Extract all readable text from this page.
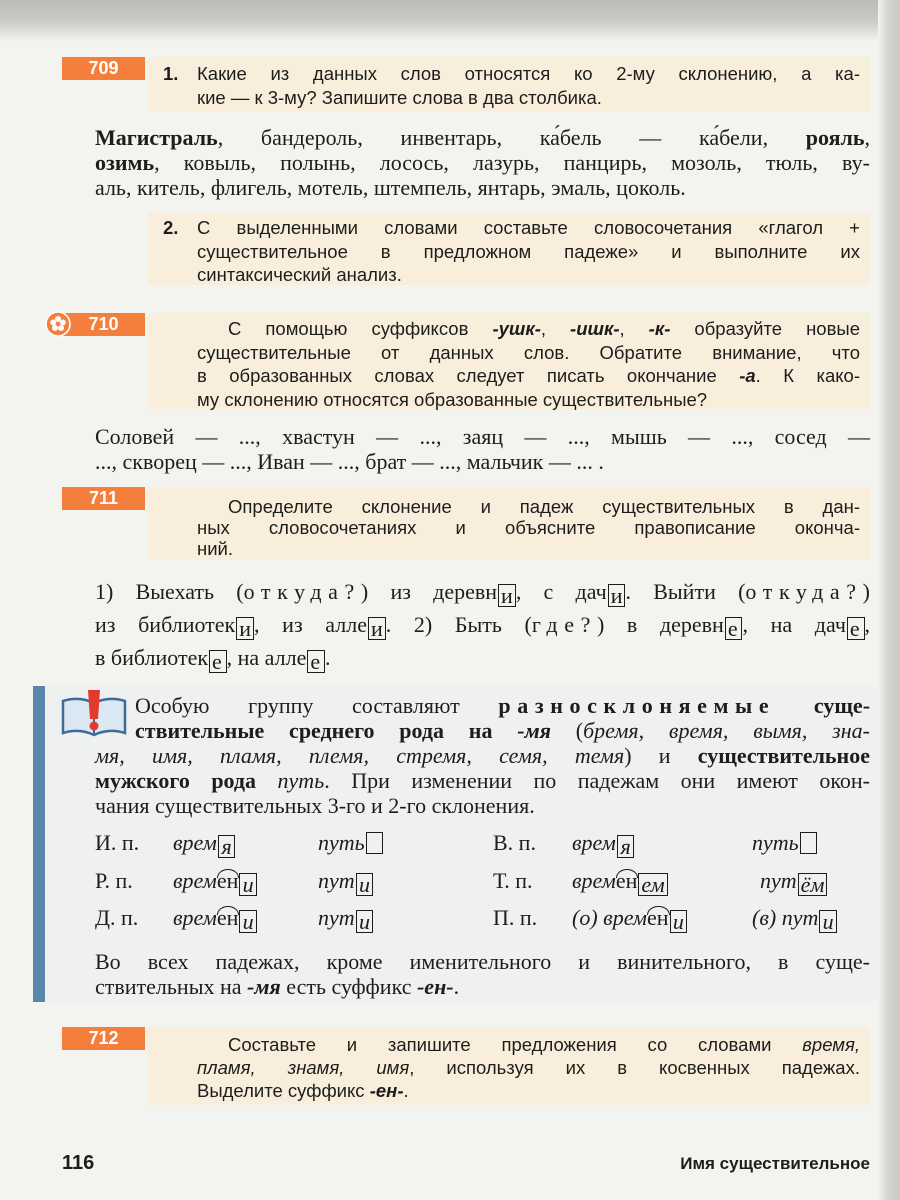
709	1. Какие из данных слов относятся ко 2-му склонению, а ка-
кие — к 3-му? Запишите слова в два столбика.
Магистраль, бандероль, инвентарь, ка́бель — ка́бели, рояль,
озимь, ковыль, полынь, лосось, лазурь, панцирь, мозоль, тюль, ву-
аль, китель, флигель, мотель, штемпель, янтарь, эмаль, цоколь.
2. С выделенными словами составьте словосочетания «глагол +
существительное в предложном падеже» и выполните их
синтаксический анализ.
710	С помощью суффиксов -ушк-, -ишк-, -к- образуйте новые
существительные от данных слов. Обратите внимание, что
в образованных словах следует писать окончание -а. К како-
му склонению относятся образованные существительные?
Соловей — ..., хвастун — ..., заяц — ..., мышь — ..., сосед —
..., скворец — ..., Иван — ..., брат — ..., мальчик — ... .
711	Определите склонение и падеж существительных в дан-
ных словосочетаниях и объясните правописание оконча-
ний.
1) Выехать (откуда?) из деревн и , с дач и . Выйти (откуда?)
из библиотек и , из алле и . 2) Быть (где?) в деревн е , на дач е ,
в библиотек е , на алле е .
Особую группу составляют разносклоняемые суще-
ствительные среднего рода на -мя (бремя, время, вымя, зна-
мя, имя, пламя, племя, стремя, семя, темя) и существительное
мужского рода путь. При изменении по падежам они имеют окон-
чания существительных 3-го и 2-го склонения.
И. п. врем я	путь	В. п. врем я	путь
Р. п. времен и	пут и	Т. п. времен ем	пут ём
Д. п. времен и	пут и	П. п. (о) времен и	(в) пут и
Во всех падежах, кроме именительного и винительного, в суще-
ствительных на -мя есть суффикс -ен-.
712	Составьте и запишите предложения со словами время,
пламя, знамя, имя, используя их в косвенных падежах.
Выделите суффикс -ен-.
116	Имя существительное
